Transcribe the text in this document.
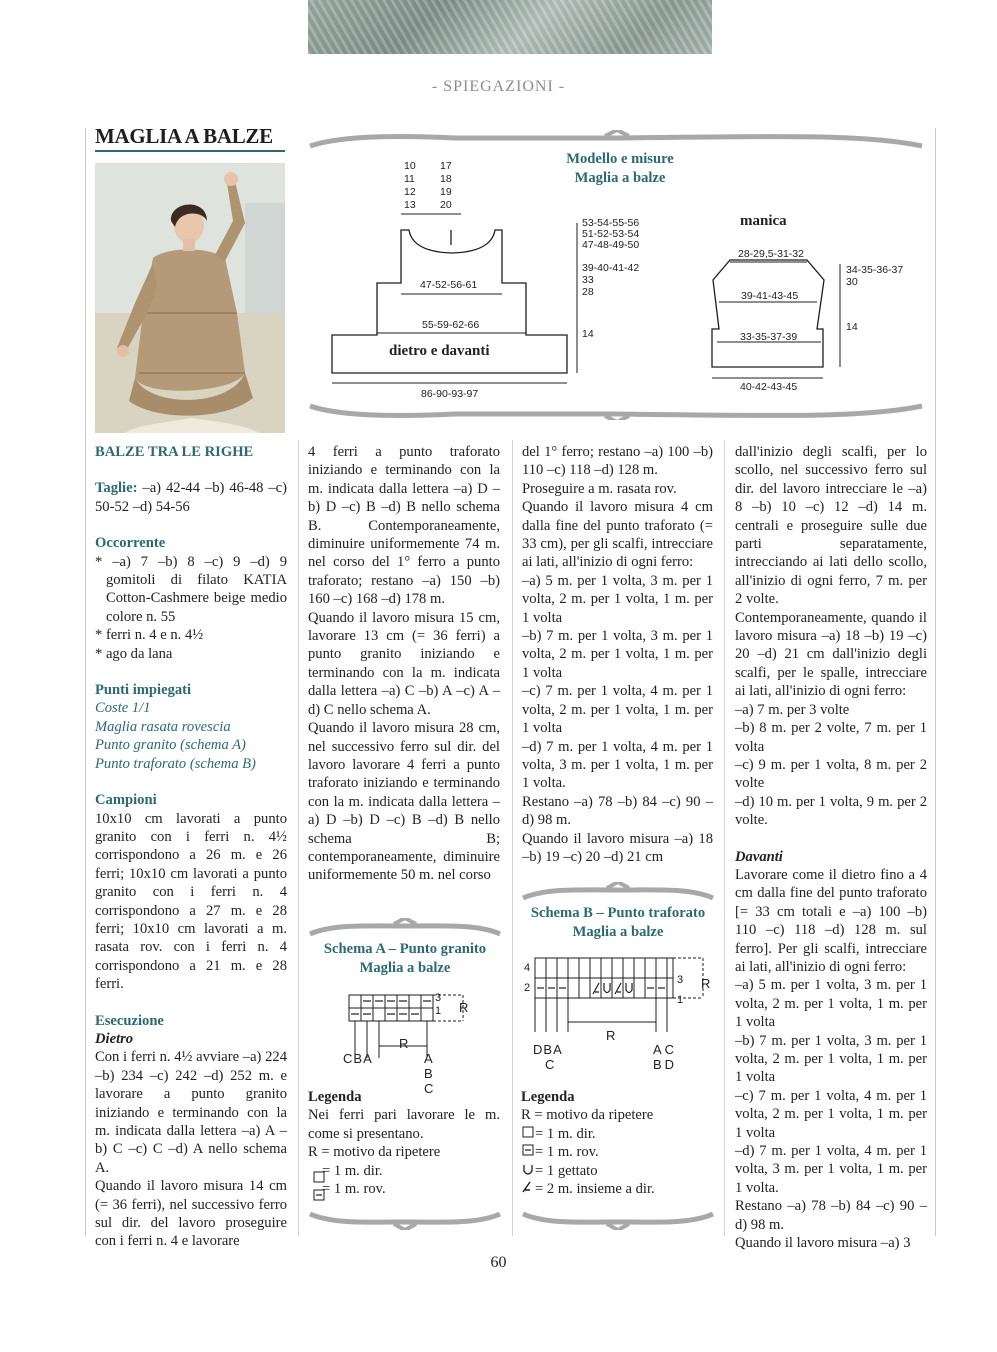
- SPIEGAZIONI -
MAGLIA A BALZE
Modello e misure
Maglia a balze
10
11
12
13
17
18
19
20
53-54-55-56
51-52-53-54
47-48-49-50
39-40-41-42
33
28
14
47-52-56-61
55-59-62-66
86-90-93-97
dietro e davanti
manica
28-29,5-31-32
39-41-43-45
33-35-37-39
40-42-43-45
34-35-36-37
30
14

BALZE TRA LE RIGHE

Taglie: –a) 42-44 –b) 46-48 –c) 50-52 –d) 54-56

Occorrente

* –a) 7 –b) 8 –c) 9 –d) 9 gomitoli di filato KATIA Cotton-Cashmere beige medio colore n. 55

* ferri n. 4 e n. 4½

* ago da lana

Punti impiegati

Coste 1/1

Maglia rasata rovescia

Punto granito (schema A)

Punto traforato (schema B)

Campioni

10x10 cm lavorati a punto granito con i ferri n. 4½ corrispondono a 26 m. e 26 ferri; 10x10 cm lavorati a punto granito con i ferri n. 4 corrispondono a 27 m. e 28 ferri; 10x10 cm lavorati a m. rasata rov. con i ferri n. 4 corrispondono a 21 m. e 28 ferri.

Esecuzione

Dietro

Con i ferri n. 4½ avviare –a) 224 –b) 234 –c) 242 –d) 252 m. e lavorare a punto granito iniziando e terminando con la m. indicata dalla lettera –a) A –b) C –c) C –d) A nello schema A.

Quando il lavoro misura 14 cm (= 36 ferri), nel successivo ferro sul dir. del lavoro proseguire con i ferri n. 4 e lavorare

4 ferri a punto traforato iniziando e terminando con la m. indicata dalla lettera –a) D –b) D –c) B –d) B nello schema B. Contemporaneamente, diminuire uniformemente 74 m. nel corso del 1° ferro a punto traforato; restano –a) 150 –b) 160 –c) 168 –d) 178 m.

Quando il lavoro misura 15 cm, lavorare 13 cm (= 36 ferri) a punto granito iniziando e terminando con la m. indicata dalla lettera –a) C –b) A –c) A –d) C nello schema A.

Quando il lavoro misura 28 cm, nel successivo ferro sul dir. del lavoro lavorare 4 ferri a punto traforato iniziando e terminando con la m. indicata dalla lettera –a) D –b) D –c) B –d) B nello schema B; contemporaneamente, diminuire uniformemente 50 m. nel corso

Schema A – Punto granito
Maglia a balze
3
1 R
R
CBA	A
B
C

Legenda

Nei ferri pari lavorare le m. come si presentano.

R = motivo da ripetere

= 1 m. dir.

= 1 m. rov.

del 1° ferro; restano –a) 100 –b) 110 –c) 118 –d) 128 m.

Proseguire a m. rasata rov.

Quando il lavoro misura 4 cm dalla fine del punto traforato (= 33 cm), per gli scalfi, intrecciare ai lati, all'inizio di ogni ferro:

–a) 5 m. per 1 volta, 3 m. per 1 volta, 2 m. per 1 volta, 1 m. per 1 volta

–b) 7 m. per 1 volta, 3 m. per 1 volta, 2 m. per 1 volta, 1 m. per 1 volta

–c) 7 m. per 1 volta, 4 m. per 1 volta, 2 m. per 1 volta, 1 m. per 1 volta

–d) 7 m. per 1 volta, 4 m. per 1 volta, 3 m. per 1 volta, 1 m. per 1 volta.

Restano –a) 78 –b) 84 –c) 90 –d) 98 m.

Quando il lavoro misura –a) 18 –b) 19 –c) 20 –d) 21 cm

Schema B – Punto traforato
Maglia a balze
4
2
3
1
R
R
DBA
C
AC
BD

Legenda

R = motivo da ripetere

= 1 m. dir.

= 1 m. rov.

= 1 gettato

= 2 m. insieme a dir.

dall'inizio degli scalfi, per lo scollo, nel successivo ferro sul dir. del lavoro intrecciare le –a) 8 –b) 10 –c) 12 –d) 14 m. centrali e proseguire sulle due parti separatamente, intrecciando ai lati dello scollo, all'inizio di ogni ferro, 7 m. per 2 volte.

Contemporaneamente, quando il lavoro misura –a) 18 –b) 19 –c) 20 –d) 21 cm dall'inizio degli scalfi, per le spalle, intrecciare ai lati, all'inizio di ogni ferro:

–a) 7 m. per 3 volte

–b) 8 m. per 2 volte, 7 m. per 1 volta

–c) 9 m. per 1 volta, 8 m. per 2 volte

–d) 10 m. per 1 volta, 9 m. per 2 volte.

Davanti

Lavorare come il dietro fino a 4 cm dalla fine del punto traforato [= 33 cm totali e –a) 100 –b) 110 –c) 118 –d) 128 m. sul ferro]. Per gli scalfi, intrecciare ai lati, all'inizio di ogni ferro:

–a) 5 m. per 1 volta, 3 m. per 1 volta, 2 m. per 1 volta, 1 m. per 1 volta

–b) 7 m. per 1 volta, 3 m. per 1 volta, 2 m. per 1 volta, 1 m. per 1 volta

–c) 7 m. per 1 volta, 4 m. per 1 volta, 2 m. per 1 volta, 1 m. per 1 volta

–d) 7 m. per 1 volta, 4 m. per 1 volta, 3 m. per 1 volta, 1 m. per 1 volta.

Restano –a) 78 –b) 84 –c) 90 –d) 98 m.

Quando il lavoro misura –a) 3

60
